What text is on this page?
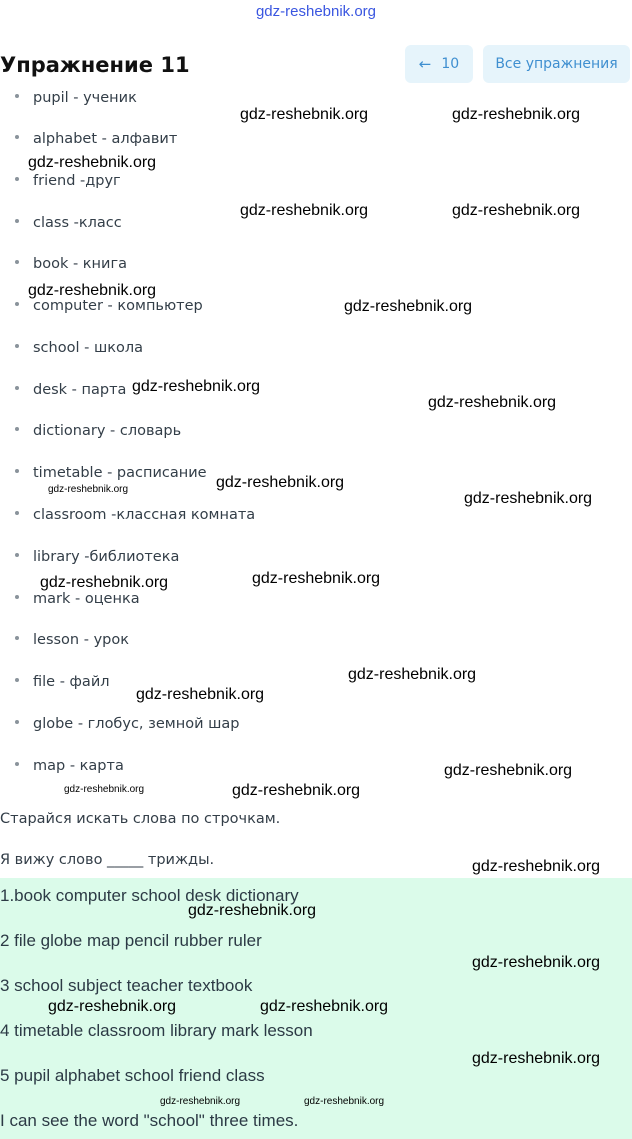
gdz-reshebnik.org
Упражнение 11	← 10	Все упражнения
pupil - ученик
alphabet - алфавит
friend -друг
class -класс
book - книга
computer - компьютер
school - школа
desk - парта
dictionary - словарь
timetable - расписание
classroom -классная комната
library -библиотека
mark - оценка
lesson - урок
file - файл
globe - глобус, земной шар
map - карта
Старайся искать слова по строчкам.
Я вижу слово _____ трижды.
1.book computer school desk dictionary
2 file globe map pencil rubber ruler
3 school subject teacher textbook
4 timetable classroom library mark lesson
5 pupil alphabet school friend class
I can see the word "school" three times.
gdz-reshebnik.org	gdz-reshebnik.org
gdz-reshebnik.org
gdz-reshebnik.org	gdz-reshebnik.org
gdz-reshebnik.org
gdz-reshebnik.org
gdz-reshebnik.org
gdz-reshebnik.org
gdz-reshebnik.org
gdz-reshebnik.org
gdz-reshebnik.org
gdz-reshebnik.org
gdz-reshebnik.org
gdz-reshebnik.org
gdz-reshebnik.org
gdz-reshebnik.org
gdz-reshebnik.org	gdz-reshebnik.org
gdz-reshebnik.org
gdz-reshebnik.org
gdz-reshebnik.org
gdz-reshebnik.org	gdz-reshebnik.org
gdz-reshebnik.org
gdz-reshebnik.org	gdz-reshebnik.org
